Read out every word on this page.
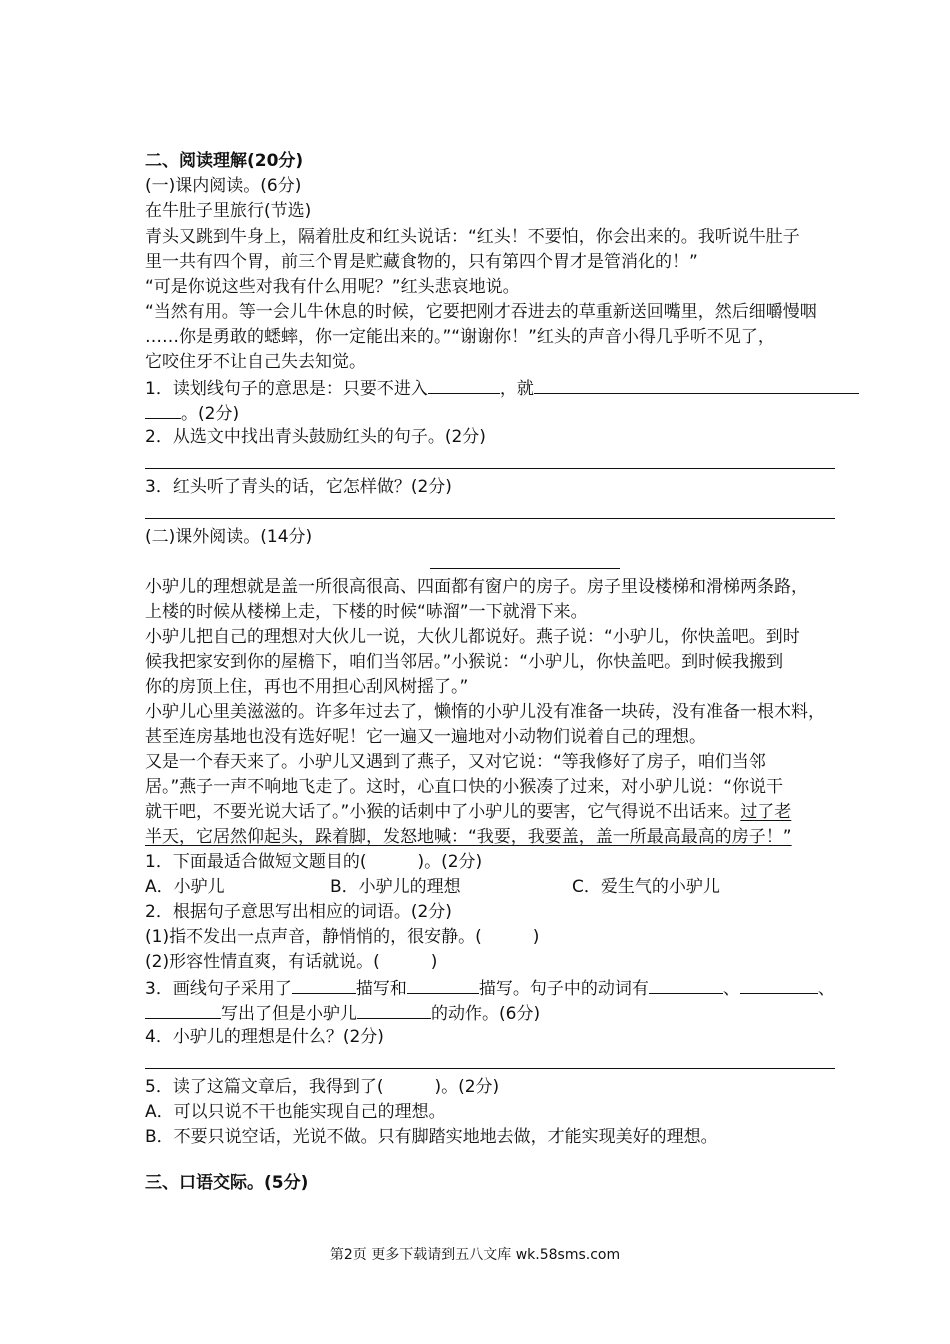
二、阅读理解(20分)
(一)课内阅读。(6分)
在牛肚子里旅行(节选)
青头又跳到牛身上，隔着肚皮和红头说话：“红头！不要怕，你会出来的。我听说牛肚子
里一共有四个胃，前三个胃是贮藏食物的，只有第四个胃才是管消化的！”
“可是你说这些对我有什么用呢？”红头悲哀地说。
“当然有用。等一会儿牛休息的时候，它要把刚才吞进去的草重新送回嘴里，然后细嚼慢咽
……你是勇敢的蟋蟀，你一定能出来的。”“谢谢你！”红头的声音小得几乎听不见了，
它咬住牙不让自己失去知觉。
1．读划线句子的意思是：只要不进入	，就
。(2分)
2．从选文中找出青头鼓励红头的句子。(2分)
3．红头听了青头的话，它怎样做？(2分)
(二)课外阅读。(14分)
小驴儿的理想就是盖一所很高很高、四面都有窗户的房子。房子里设楼梯和滑梯两条路，
上楼的时候从楼梯上走，下楼的时候“哧溜”一下就滑下来。
小驴儿把自己的理想对大伙儿一说，大伙儿都说好。燕子说：“小驴儿，你快盖吧。到时
候我把家安到你的屋檐下，咱们当邻居。”小猴说：“小驴儿，你快盖吧。到时候我搬到
你的房顶上住，再也不用担心刮风树摇了。”
小驴儿心里美滋滋的。许多年过去了，懒惰的小驴儿没有准备一块砖，没有准备一根木料，
甚至连房基地也没有选好呢！它一遍又一遍地对小动物们说着自己的理想。
又是一个春天来了。小驴儿又遇到了燕子，又对它说：“等我修好了房子，咱们当邻
居。”燕子一声不响地飞走了。这时，心直口快的小猴凑了过来，对小驴儿说：“你说干
就干吧，不要光说大话了。”小猴的话刺中了小驴儿的要害，它气得说不出话来。过了老
半天，它居然仰起头，跺着脚，发怒地喊：“我要，我要盖，盖一所最高最高的房子！”
1．下面最适合做短文题目的(　　　)。(2分)
A．小驴儿	B．小驴儿的理想	C．爱生气的小驴儿
2．根据句子意思写出相应的词语。(2分)
(1)指不发出一点声音，静悄悄的，很安静。(　　　)
(2)形容性情直爽，有话就说。(　　　)
3．画线句子采用了	描写和	描写。句子中的动词有	、	、
写出了但是小驴儿	的动作。(6分)
4．小驴儿的理想是什么？(2分)
5．读了这篇文章后，我得到了(　　　)。(2分)
A．可以只说不干也能实现自己的理想。
B．不要只说空话，光说不做。只有脚踏实地地去做，才能实现美好的理想。
三、口语交际。(5分)
第2页 更多下载请到五八文库 wk.58sms.com
